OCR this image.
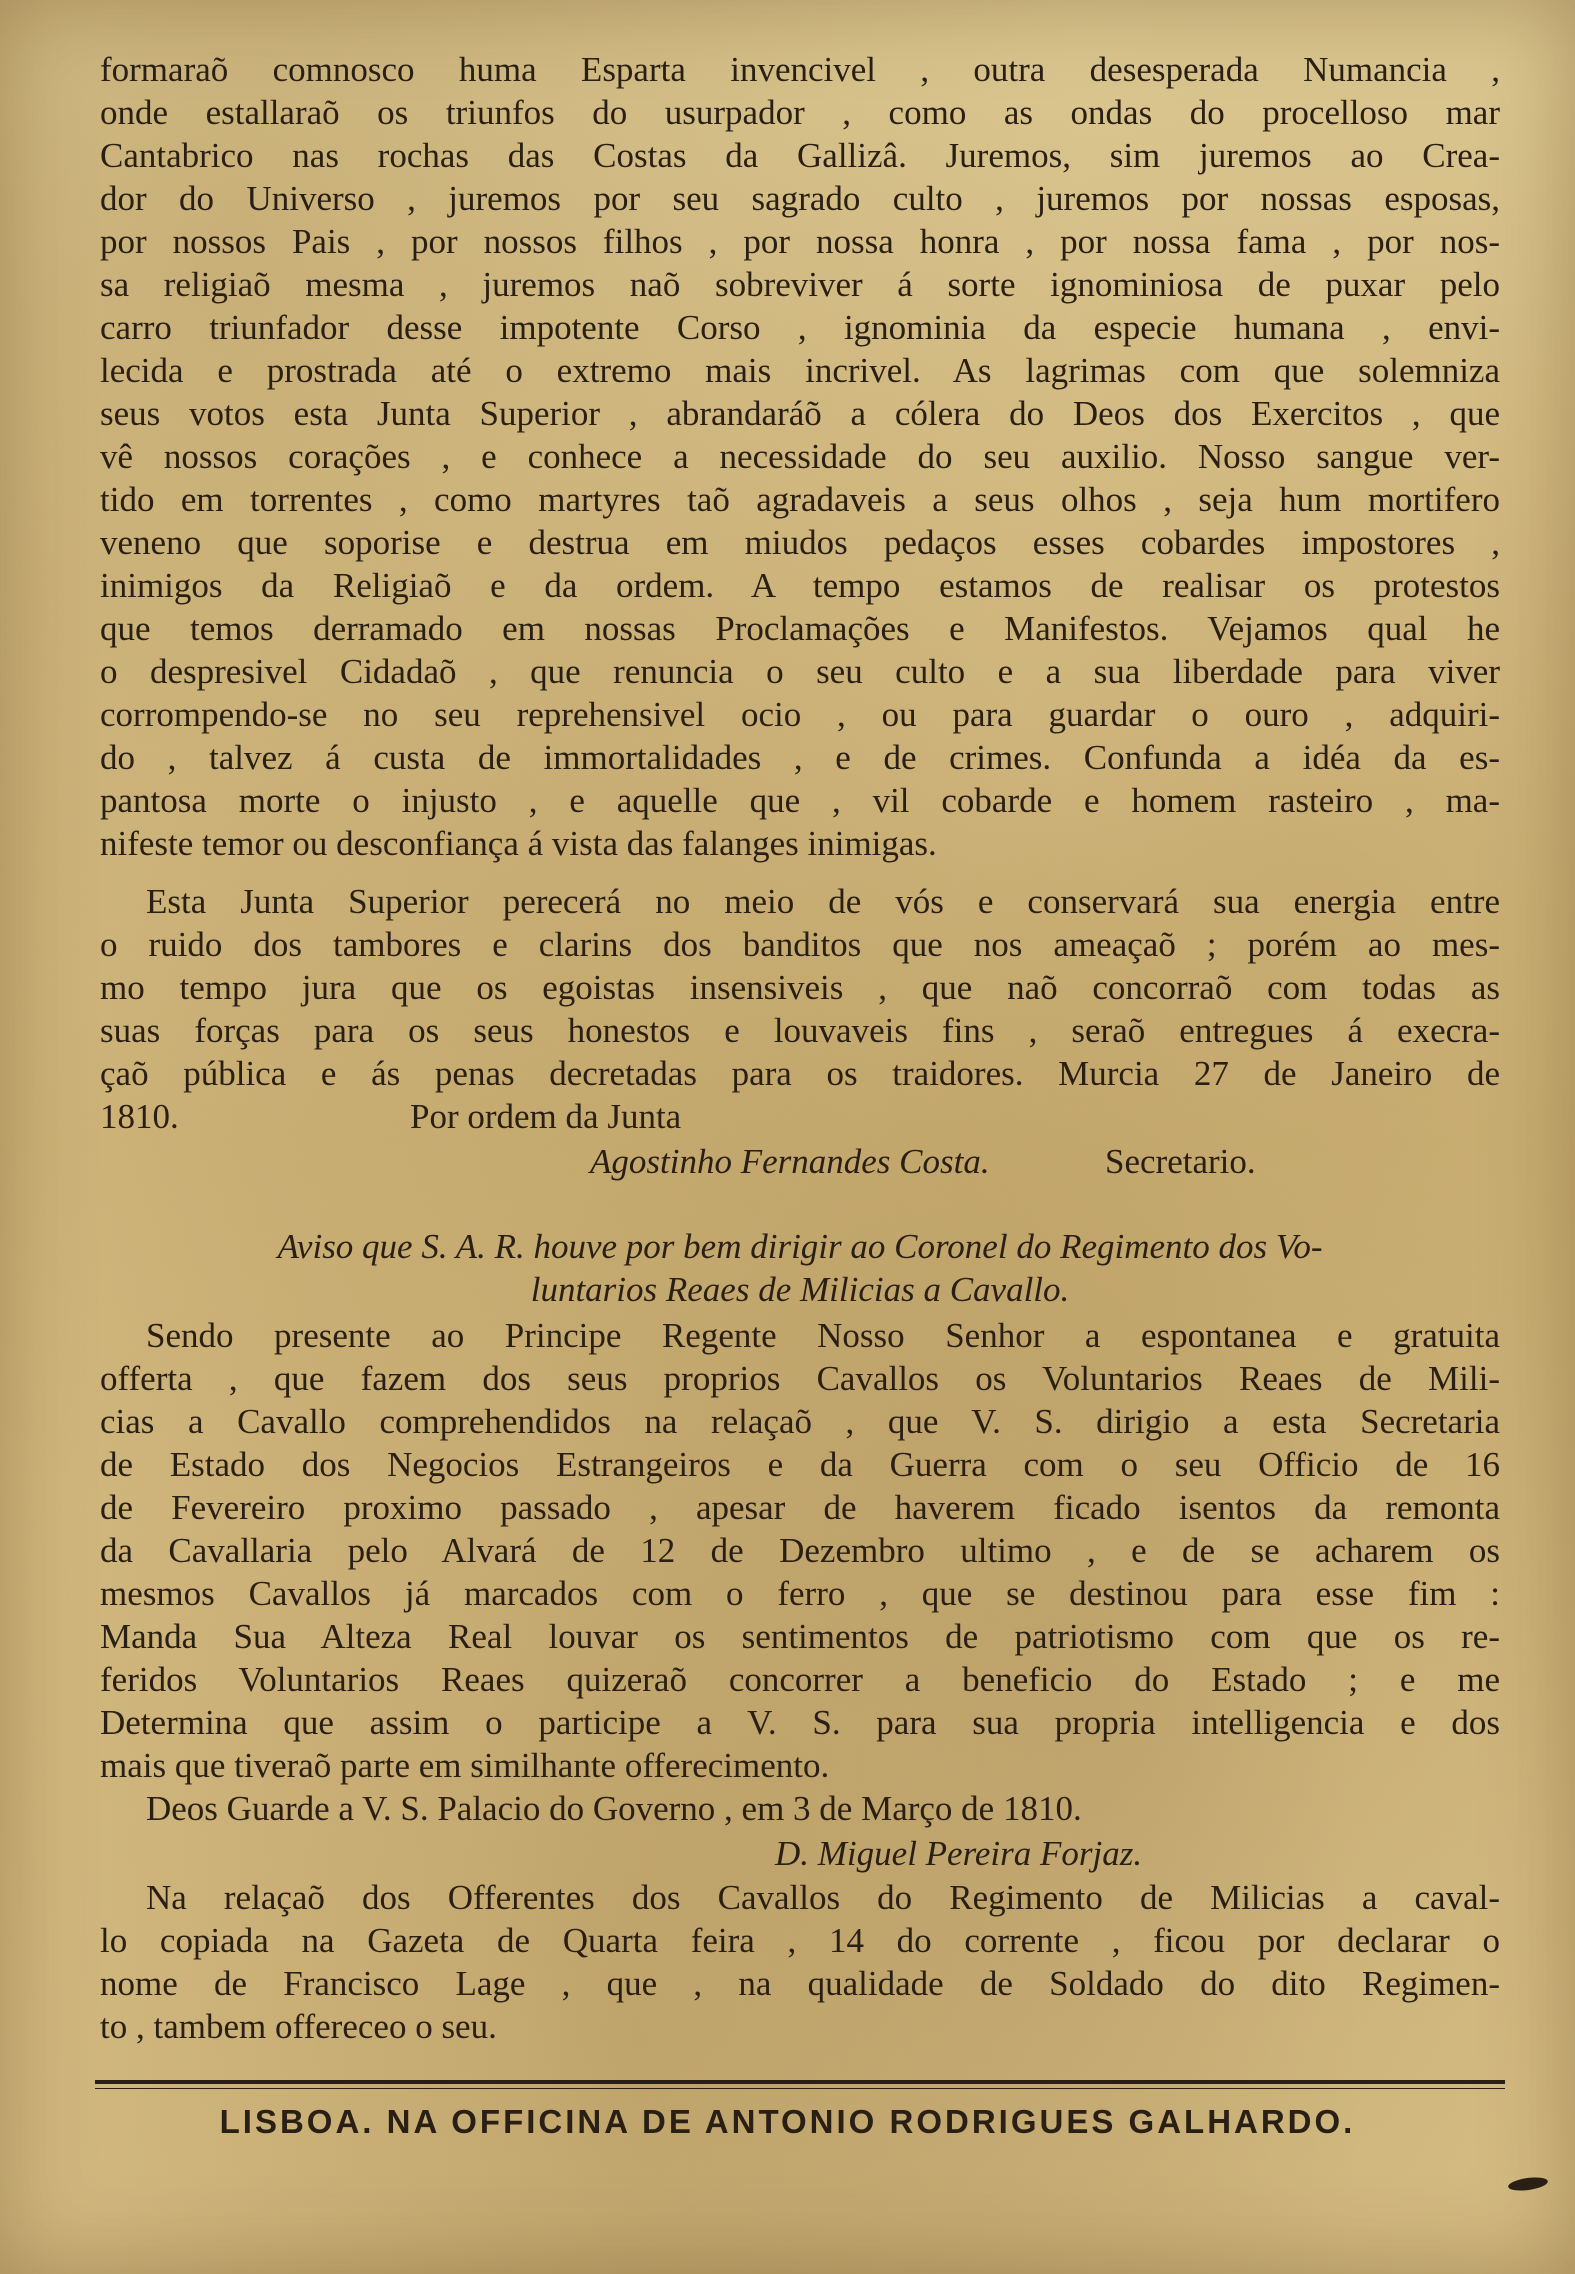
formaraõ comnosco huma Esparta invencivel , outra desesperada Numancia ,
onde estallaraõ os triunfos do usurpador , como as ondas do procelloso mar
Cantabrico nas rochas das Costas da Gallizâ. Juremos, sim juremos ao Crea-
dor do Universo , juremos por seu sagrado culto , juremos por nossas esposas,
por nossos Pais , por nossos filhos , por nossa honra , por nossa fama , por nos-
sa religiaõ mesma , juremos naõ sobreviver á sorte ignominiosa de puxar pelo
carro triunfador desse impotente Corso , ignominia da especie humana , envi-
lecida e prostrada até o extremo mais incrivel. As lagrimas com que solemniza
seus votos esta Junta Superior , abrandaráõ a cólera do Deos dos Exercitos , que
vê nossos corações , e conhece a necessidade do seu auxilio. Nosso sangue ver-
tido em torrentes , como martyres taõ agradaveis a seus olhos , seja hum mortifero
veneno que soporise e destrua em miudos pedaços esses cobardes impostores ,
inimigos da Religiaõ e da ordem. A tempo estamos de realisar os protestos
que temos derramado em nossas Proclamações e Manifestos. Vejamos qual he
o despresivel Cidadaõ , que renuncia o seu culto e a sua liberdade para viver
corrompendo-se no seu reprehensivel ocio , ou para guardar o ouro , adquiri-
do , talvez á custa de immortalidades , e de crimes. Confunda a idéa da es-
pantosa morte o injusto , e aquelle que , vil cobarde e homem rasteiro , ma-
nifeste temor ou desconfiança á vista das falanges inimigas.
Esta Junta Superior perecerá no meio de vós e conservará sua energia entre
o ruido dos tambores e clarins dos banditos que nos ameaçaõ ; porém ao mes-
mo tempo jura que os egoistas insensiveis , que naõ concorraõ com todas as
suas forças para os seus honestos e louvaveis fins , seraõ entregues á execra-
çaõ pública e ás penas decretadas para os traidores. Murcia 27 de Janeiro de
1810.	Por ordem da Junta
Agostinho Fernandes Costa.	Secretario.
Aviso que S. A. R. houve por bem dirigir ao Coronel do Regimento dos Vo-
luntarios Reaes de Milicias a Cavallo.
Sendo presente ao Principe Regente Nosso Senhor a espontanea e gratuita
offerta , que fazem dos seus proprios Cavallos os Voluntarios Reaes de Mili-
cias a Cavallo comprehendidos na relaçaõ , que V. S. dirigio a esta Secretaria
de Estado dos Negocios Estrangeiros e da Guerra com o seu Officio de 16
de Fevereiro proximo passado , apesar de haverem ficado isentos da remonta
da Cavallaria pelo Alvará de 12 de Dezembro ultimo , e de se acharem os
mesmos Cavallos já marcados com o ferro , que se destinou para esse fim :
Manda Sua Alteza Real louvar os sentimentos de patriotismo com que os re-
feridos Voluntarios Reaes quizeraõ concorrer a beneficio do Estado ; e me
Determina que assim o participe a V. S. para sua propria intelligencia e dos
mais que tiveraõ parte em similhante offerecimento.
Deos Guarde a V. S. Palacio do Governo , em 3 de Março de 1810.
D. Miguel Pereira Forjaz.
Na relaçaõ dos Offerentes dos Cavallos do Regimento de Milicias a caval-
lo copiada na Gazeta de Quarta feira , 14 do corrente , ficou por declarar o
nome de Francisco Lage , que , na qualidade de Soldado do dito Regimen-
to , tambem offereceo o seu.
LISBOA. NA OFFICINA DE ANTONIO RODRIGUES GALHARDO.
